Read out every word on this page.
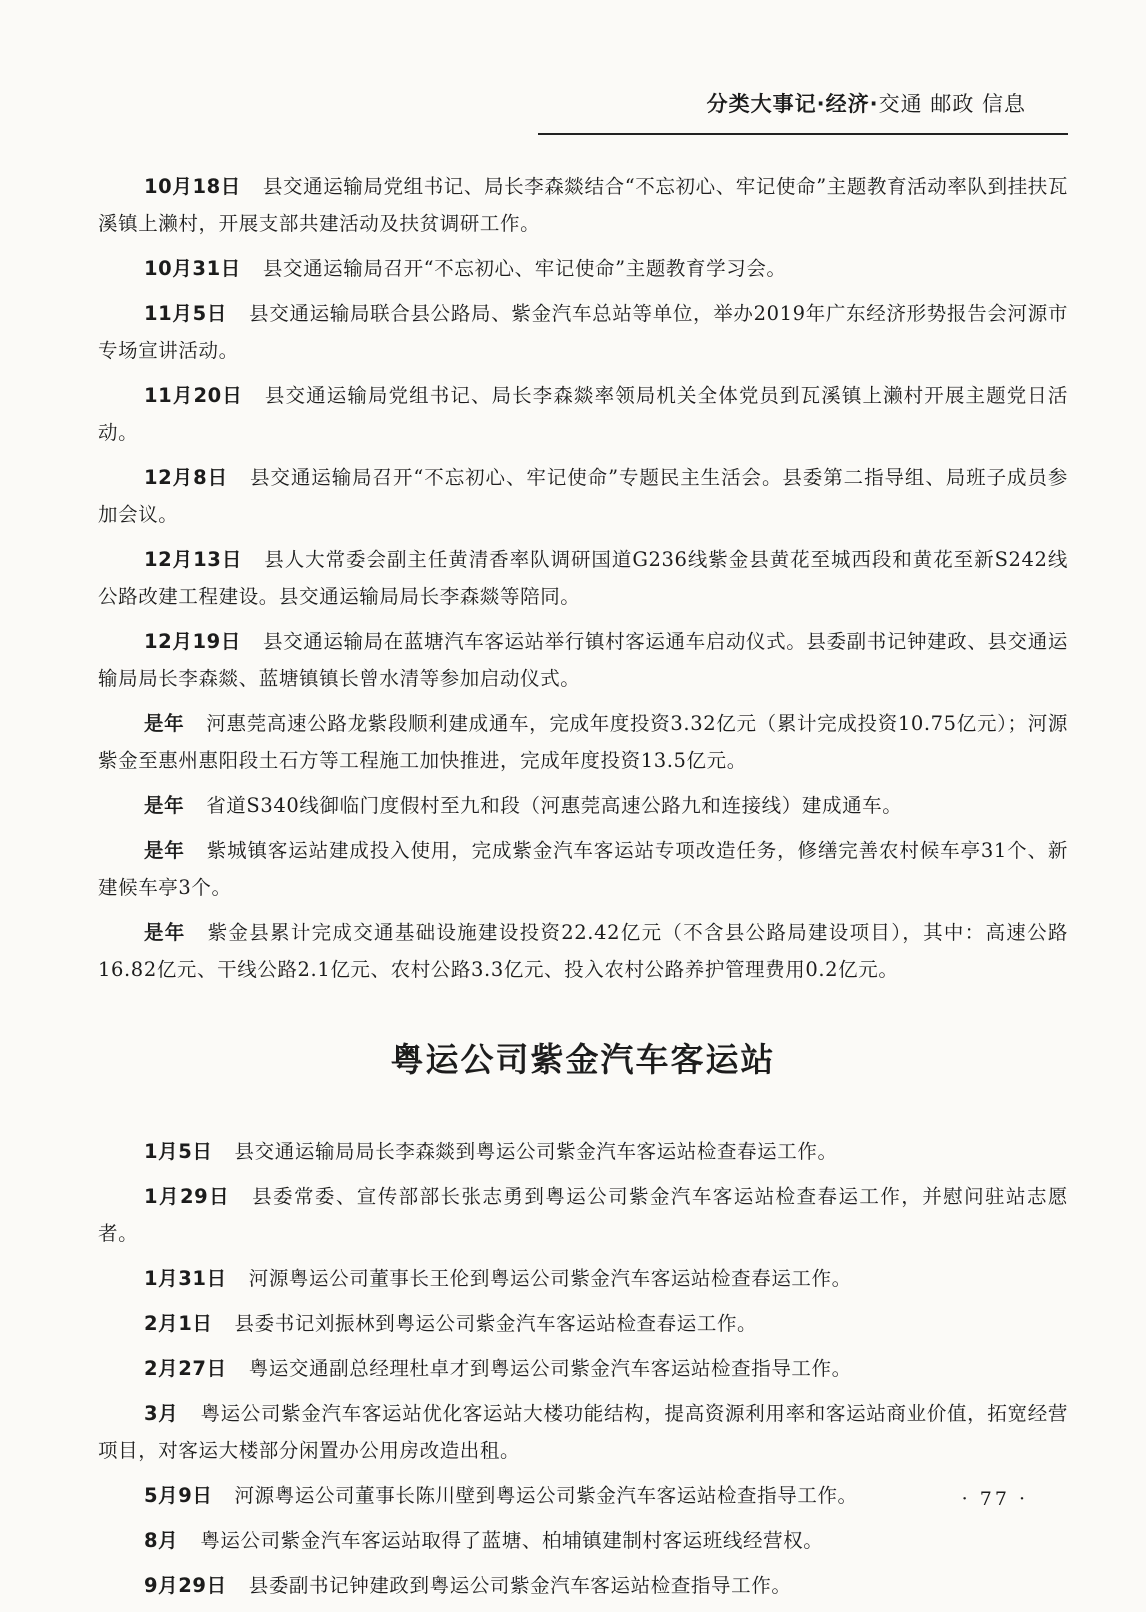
分类大事记·经济·交通 邮政 信息

10月18日 县交通运输局党组书记、局长李森燚结合“不忘初心、牢记使命”主题教育活动率队到挂扶瓦溪镇上濑村，开展支部共建活动及扶贫调研工作。

10月31日 县交通运输局召开“不忘初心、牢记使命”主题教育学习会。

11月5日 县交通运输局联合县公路局、紫金汽车总站等单位，举办2019年广东经济形势报告会河源市专场宣讲活动。

11月20日 县交通运输局党组书记、局长李森燚率领局机关全体党员到瓦溪镇上濑村开展主题党日活动。

12月8日 县交通运输局召开“不忘初心、牢记使命”专题民主生活会。县委第二指导组、局班子成员参加会议。

12月13日 县人大常委会副主任黄清香率队调研国道G236线紫金县黄花至城西段和黄花至新S242线公路改建工程建设。县交通运输局局长李森燚等陪同。

12月19日 县交通运输局在蓝塘汽车客运站举行镇村客运通车启动仪式。县委副书记钟建政、县交通运输局局长李森燚、蓝塘镇镇长曾水清等参加启动仪式。

是年 河惠莞高速公路龙紫段顺利建成通车，完成年度投资3.32亿元（累计完成投资10.75亿元）；河源紫金至惠州惠阳段土石方等工程施工加快推进，完成年度投资13.5亿元。

是年 省道S340线御临门度假村至九和段（河惠莞高速公路九和连接线）建成通车。

是年 紫城镇客运站建成投入使用，完成紫金汽车客运站专项改造任务，修缮完善农村候车亭31个、新建候车亭3个。

是年 紫金县累计完成交通基础设施建设投资22.42亿元（不含县公路局建设项目），其中：高速公路16.82亿元、干线公路2.1亿元、农村公路3.3亿元、投入农村公路养护管理费用0.2亿元。

粤运公司紫金汽车客运站

1月5日 县交通运输局局长李森燚到粤运公司紫金汽车客运站检查春运工作。

1月29日 县委常委、宣传部部长张志勇到粤运公司紫金汽车客运站检查春运工作，并慰问驻站志愿者。

1月31日 河源粤运公司董事长王伦到粤运公司紫金汽车客运站检查春运工作。

2月1日 县委书记刘振林到粤运公司紫金汽车客运站检查春运工作。

2月27日 粤运交通副总经理杜卓才到粤运公司紫金汽车客运站检查指导工作。

3月 粤运公司紫金汽车客运站优化客运站大楼功能结构，提高资源利用率和客运站商业价值，拓宽经营项目，对客运大楼部分闲置办公用房改造出租。

5月9日 河源粤运公司董事长陈川壁到粤运公司紫金汽车客运站检查指导工作。

8月 粤运公司紫金汽车客运站取得了蓝塘、柏埔镇建制村客运班线经营权。

9月29日 县委副书记钟建政到粤运公司紫金汽车客运站检查指导工作。

· 77 ·
